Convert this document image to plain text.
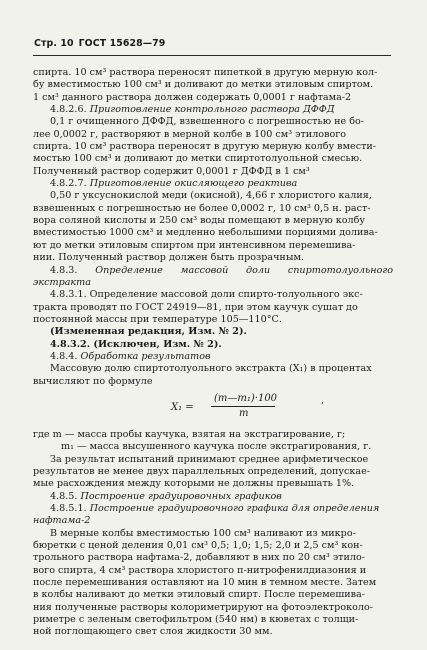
Стр. 10 ГОСТ 15628—79

спирта. 10 см³ раствора переносят пипеткой в другую мерную кол-

бу вместимостью 100 см³ и доливают до метки этиловым спиртом.

1 см³ данного раствора должен содержать 0,0001 г нафтама-2

4.8.2.6. Приготовление контрольного раствора ДФФД

0,1 г очищенного ДФФД, взвешенного с погрешностью не бо-

лее 0,0002 г, растворяют в мерной колбе в 100 см³ этилового

спирта. 10 см³ раствора переносят в другую мерную колбу вмести-

мостью 100 см³ и доливают до метки спиртотолуольной смесью.

Полученный раствор содержит 0,0001 г ДФФД в 1 см³

4.8.2.7. Приготовление окисляющего реактива

0,50 г уксуснокислой меди (окисной), 4,66 г хлористого калия,

взвешенных с погрешностью не более 0,0002 г, 10 см³ 0,5 н. раст-

вора соляной кислоты и 250 см³ воды помещают в мерную колбу

вместимостью 1000 см³ и медленно небольшими порциями долива-

ют до метки этиловым спиртом при интенсивном перемешива-

нии. Полученный раствор должен быть прозрачным.

4.8.3. Определение массовой доли спиртотолуольного экстракта

4.8.3.1. Определение массовой доли спирто-толуольного экс-

тракта проводят по ГОСТ 24919—81, при этом каучук сушат до

постоянной массы при температуре 105—110°С.

(Измененная редакция, Изм. № 2).

4.8.3.2. (Исключен, Изм. № 2).

4.8.4. Обработка результатов

Массовую долю спиртотолуольного экстракта (X₁) в процентах

вычисляют по формуле

X₁ =
(m—m₁)·100
m
‚

где m — масса пробы каучука, взятая на экстрагирование, г;

m₁ — масса высушенного каучука после экстрагирования, г.

За результат испытаний принимают среднее арифметическое

результатов не менее двух параллельных определений, допускае-

мые расхождения между которыми не должны превышать 1%.

4.8.5. Построение градуировочных графиков

4.8.5.1. Построение градуировочного графика для определения

нафтама-2

В мерные колбы вместимостью 100 см³ наливают из микро-

бюретки с ценой деления 0,01 см³ 0,5; 1,0; 1,5; 2,0 и 2,5 см³ кон-

трольного раствора нафтама-2, добавляют в них по 20 см³ этило-

вого спирта, 4 см³ раствора хлористого п-нитрофенилдиазония и

после перемешивания оставляют на 10 мин в темном месте. Затем

в колбы наливают до метки этиловый спирт. После перемешива-

ния полученные растворы колориметрируют на фотоэлектроколо-

риметре с зеленым светофильтром (540 нм) в кюветах с толщи-

ной поглощающего свет слоя жидкости 30 мм.
